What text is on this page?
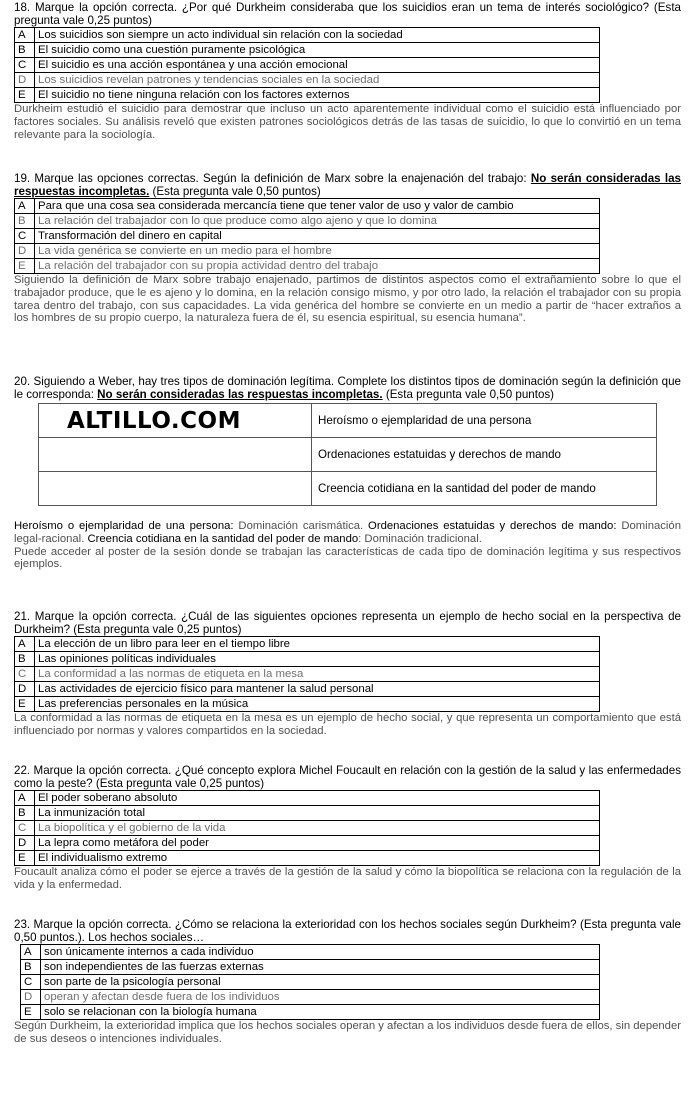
18. Marque la opción correcta. ¿Por qué Durkheim consideraba que los suicidios eran un tema de interés sociológico? (Esta pregunta vale 0,25 puntos)

A	Los suicidios son siempre un acto individual sin relación con la sociedad
B	El suicidio como una cuestión puramente psicológica
C	El suicidio es una acción espontánea y una acción emocional
D	Los suicidios revelan patrones y tendencias sociales en la sociedad
E	El suicidio no tiene ninguna relación con los factores externos

Durkheim estudió el suicidio para demostrar que incluso un acto aparentemente individual como el suicidio está influenciado por factores sociales. Su análisis reveló que existen patrones sociológicos detrás de las tasas de suicidio, lo que lo convirtió en un tema relevante para la sociología.

19. Marque las opciones correctas. Según la definición de Marx sobre la enajenación del trabajo: No serán consideradas las respuestas incompletas. (Esta pregunta vale 0,50 puntos)

A	Para que una cosa sea considerada mercancía tiene que tener valor de uso y valor de cambio
B	La relación del trabajador con lo que produce como algo ajeno y que lo domina
C	Transformación del dinero en capital
D	La vida genérica se convierte en un medio para el hombre
E	La relación del trabajador con su propia actividad dentro del trabajo

Siguiendo la definición de Marx sobre trabajo enajenado, partimos de distintos aspectos como el extrañamiento sobre lo que el trabajador produce, que le es ajeno y lo domina, en la relación consigo mismo, y por otro lado, la relación el trabajador con su propia tarea dentro del trabajo, con sus capacidades. La vida genérica del hombre se convierte en un medio a partir de “hacer extraños a los hombres de su propio cuerpo, la naturaleza fuera de él, su esencia espiritual, su esencia humana”.

20. Siguiendo a Weber, hay tres tipos de dominación legítima. Complete los distintos tipos de dominación según la definición que le corresponda: No serán consideradas las respuestas incompletas. (Esta pregunta vale 0,50 puntos)

ALTILLO.COM	Heroísmo o ejemplaridad de una persona
	Ordenaciones estatuidas y derechos de mando
	Creencia cotidiana en la santidad del poder de mando

Heroísmo o ejemplaridad de una persona: Dominación carismática. Ordenaciones estatuidas y derechos de mando: Dominación legal-racional. Creencia cotidiana en la santidad del poder de mando: Dominación tradicional.

Puede acceder al poster de la sesión donde se trabajan las características de cada tipo de dominación legítima y sus respectivos ejemplos.

21. Marque la opción correcta. ¿Cuál de las siguientes opciones representa un ejemplo de hecho social en la perspectiva de Durkheim? (Esta pregunta vale 0,25 puntos)

A	La elección de un libro para leer en el tiempo libre
B	Las opiniones políticas individuales
C	La conformidad a las normas de etiqueta en la mesa
D	Las actividades de ejercicio físico para mantener la salud personal
E	Las preferencias personales en la música

La conformidad a las normas de etiqueta en la mesa es un ejemplo de hecho social, y que representa un comportamiento que está influenciado por normas y valores compartidos en la sociedad.

22. Marque la opción correcta. ¿Qué concepto explora Michel Foucault en relación con la gestión de la salud y las enfermedades como la peste? (Esta pregunta vale 0,25 puntos)

A	El poder soberano absoluto
B	La inmunización total
C	La biopolítica y el gobierno de la vida
D	La lepra como metáfora del poder
E	El individualismo extremo

Foucault analiza cómo el poder se ejerce a través de la gestión de la salud y cómo la biopolítica se relaciona con la regulación de la vida y la enfermedad.

23. Marque la opción correcta. ¿Cómo se relaciona la exterioridad con los hechos sociales según Durkheim? (Esta pregunta vale 0,50 puntos.). Los hechos sociales…

A	son únicamente internos a cada individuo
B	son independientes de las fuerzas externas
C	son parte de la psicología personal
D	operan y afectan desde fuera de los individuos
E	solo se relacionan con la biología humana

Según Durkheim, la exterioridad implica que los hechos sociales operan y afectan a los individuos desde fuera de ellos, sin depender de sus deseos o intenciones individuales.
